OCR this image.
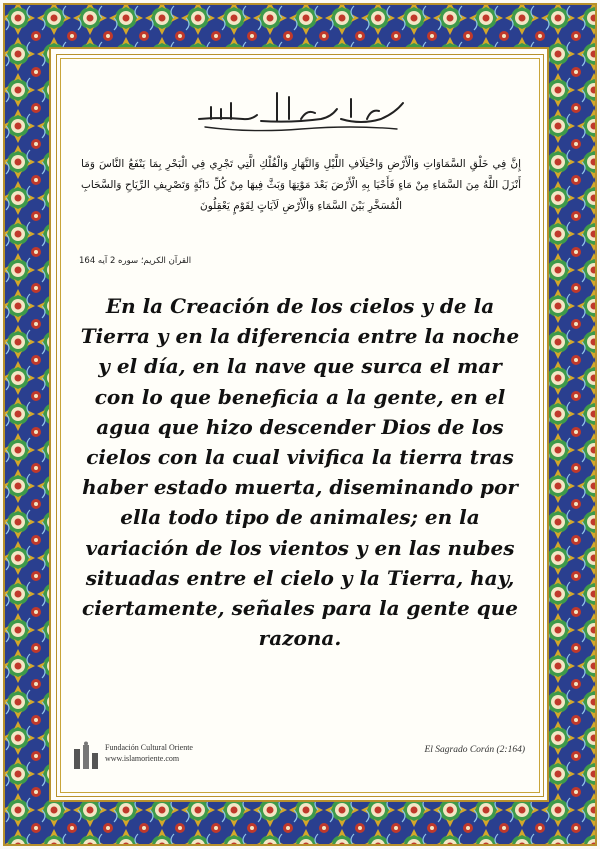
إِنَّ فِي خَلْقِ السَّمَاوَاتِ وَالْأَرْضِ وَاخْتِلَافِ اللَّيْلِ وَالنَّهَارِ وَالْفُلْكِ الَّتِي تَجْرِي فِي الْبَحْرِ بِمَا يَنْفَعُ النَّاسَ وَمَا أَنْزَلَ اللَّهُ مِنَ السَّمَاءِ مِنْ مَاءٍ فَأَحْيَا بِهِ الْأَرْضَ بَعْدَ مَوْتِهَا وَبَثَّ فِيهَا مِنْ كُلِّ دَابَّةٍ وَتَصْرِيفِ الرِّيَاحِ وَالسَّحَابِ الْمُسَخَّرِ بَيْنَ السَّمَاءِ وَالْأَرْضِ لَآيَاتٍ لِقَوْمٍ يَعْقِلُونَ

القرآن الكريم؛ سوره 2 آيه 164

En la Creación de los cielos y de la Tierra y en la diferencia entre la noche y el día, en la nave que surca el mar con lo que beneficia a la gente, en el agua que hizo descender Dios de los cielos con la cual vivifica la tierra tras haber estado muerta, diseminando por ella todo tipo de animales; en la variación de los vientos y en las nubes situadas entre el cielo y la Tierra, hay, ciertamente, señales para la gente que razona.

Fundación Cultural Oriente

www.islamoriente.com

El Sagrado Corán (2:164)
